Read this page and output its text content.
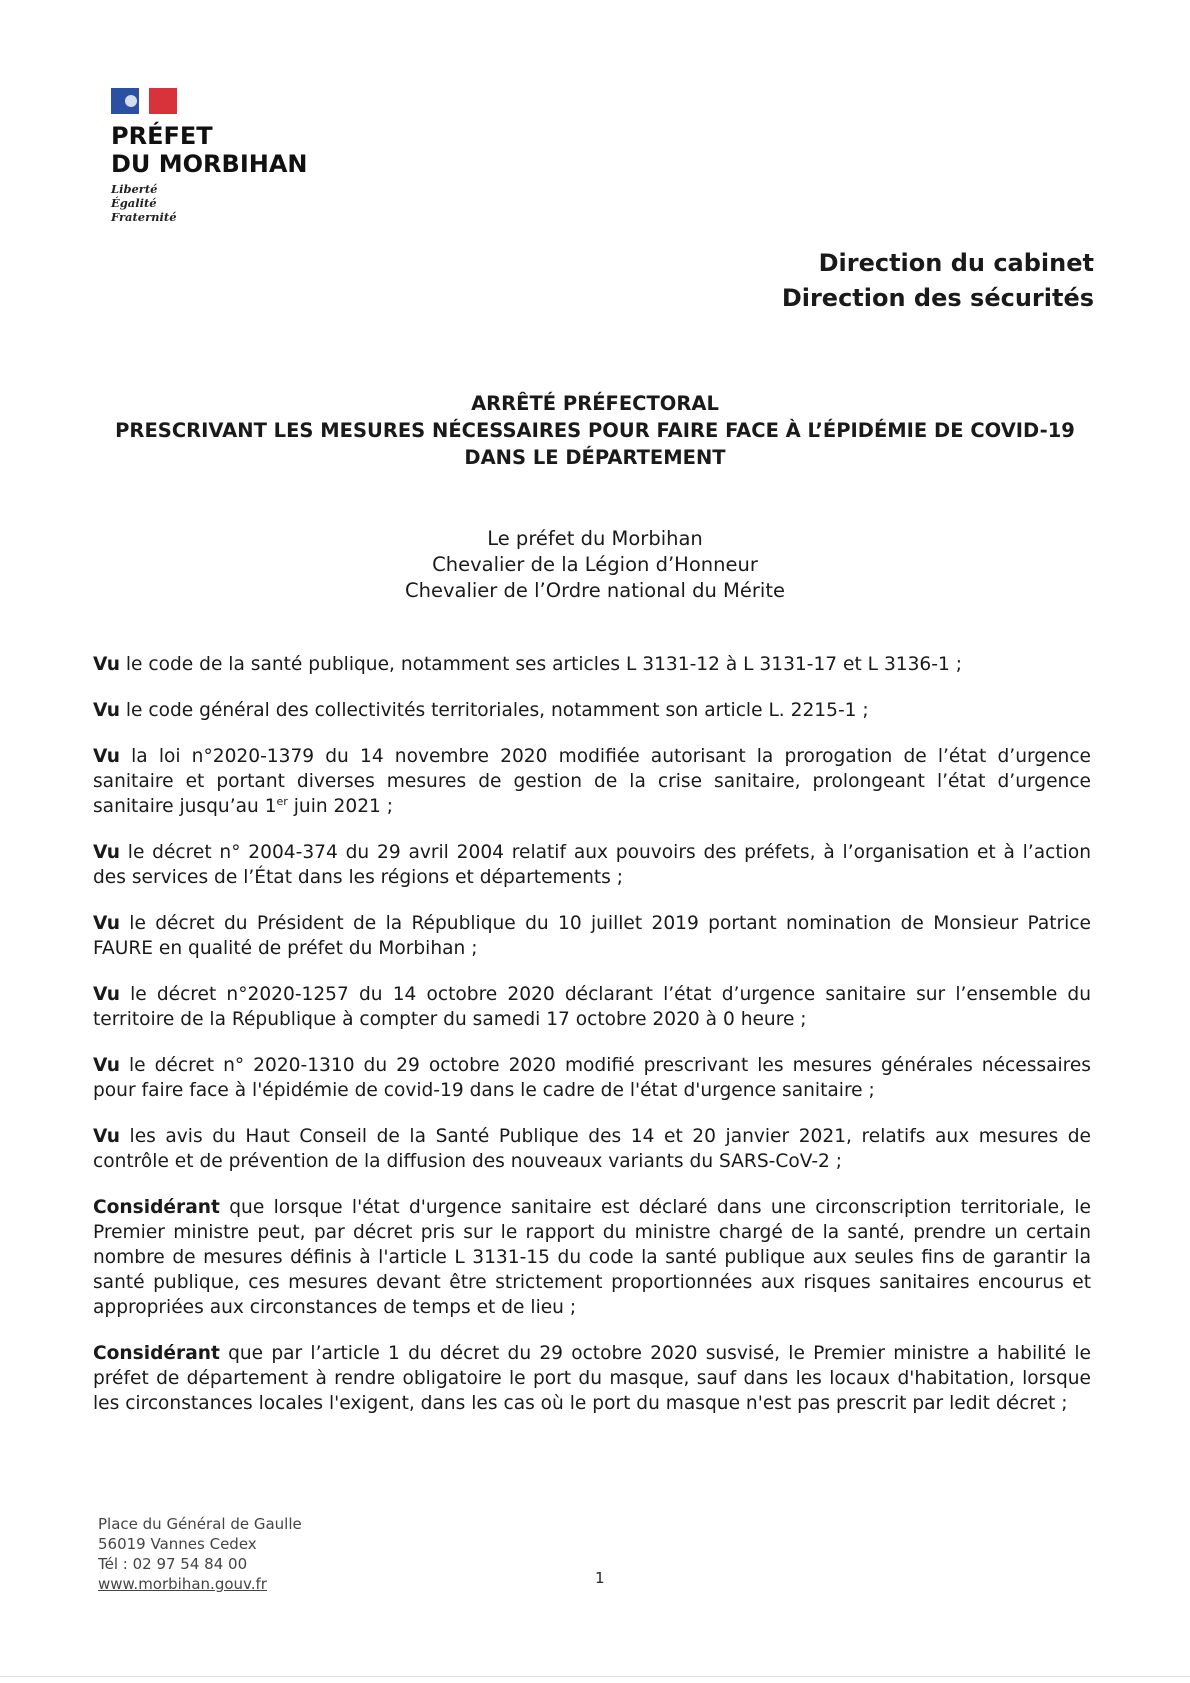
PRÉFET
DU MORBIHAN
Liberté
Égalité
Fraternité
Direction du cabinet
Direction des sécurités
ARRÊTÉ PRÉFECTORAL
PRESCRIVANT LES MESURES NÉCESSAIRES POUR FAIRE FACE À L’ÉPIDÉMIE DE COVID-19
DANS LE DÉPARTEMENT
Le préfet du Morbihan
Chevalier de la Légion d’Honneur
Chevalier de l’Ordre national du Mérite

Vu le code de la santé publique, notamment ses articles L 3131-12 à L 3131-17 et L 3136-1 ;

Vu le code général des collectivités territoriales, notamment son article L. 2215-1 ;

Vu la loi n°2020-1379 du 14 novembre 2020 modifiée autorisant la prorogation de l’état d’urgence sanitaire et portant diverses mesures de gestion de la crise sanitaire, prolongeant l’état d’urgence sanitaire jusqu’au 1er juin 2021 ;

Vu le décret n° 2004-374 du 29 avril 2004 relatif aux pouvoirs des préfets, à l’organisation et à l’action des services de l’État dans les régions et départements ;

Vu le décret du Président de la République du 10 juillet 2019 portant nomination de Monsieur Patrice FAURE en qualité de préfet du Morbihan ;

Vu le décret n°2020-1257 du 14 octobre 2020 déclarant l’état d’urgence sanitaire sur l’ensemble du territoire de la République à compter du samedi 17 octobre 2020 à 0 heure ;

Vu le décret n° 2020-1310 du 29 octobre 2020 modifié prescrivant les mesures générales nécessaires pour faire face à l'épidémie de covid-19 dans le cadre de l'état d'urgence sanitaire ;

Vu les avis du Haut Conseil de la Santé Publique des 14 et 20 janvier 2021, relatifs aux mesures de contrôle et de prévention de la diffusion des nouveaux variants du SARS-CoV-2 ;

Considérant que lorsque l'état d'urgence sanitaire est déclaré dans une circonscription territoriale, le Premier ministre peut, par décret pris sur le rapport du ministre chargé de la santé, prendre un certain nombre de mesures définis à l'article L 3131-15 du code la santé publique aux seules fins de garantir la santé publique, ces mesures devant être strictement proportionnées aux risques sanitaires encourus et appropriées aux circonstances de temps et de lieu ;

Considérant que par l’article 1 du décret du 29 octobre 2020 susvisé, le Premier ministre a habilité le préfet de département à rendre obligatoire le port du masque, sauf dans les locaux d'habitation, lorsque les circonstances locales l'exigent, dans les cas où le port du masque n'est pas prescrit par ledit décret ;

Place du Général de Gaulle
56019 Vannes Cedex
Tél : 02 97 54 84 00
www.morbihan.gouv.fr	1
